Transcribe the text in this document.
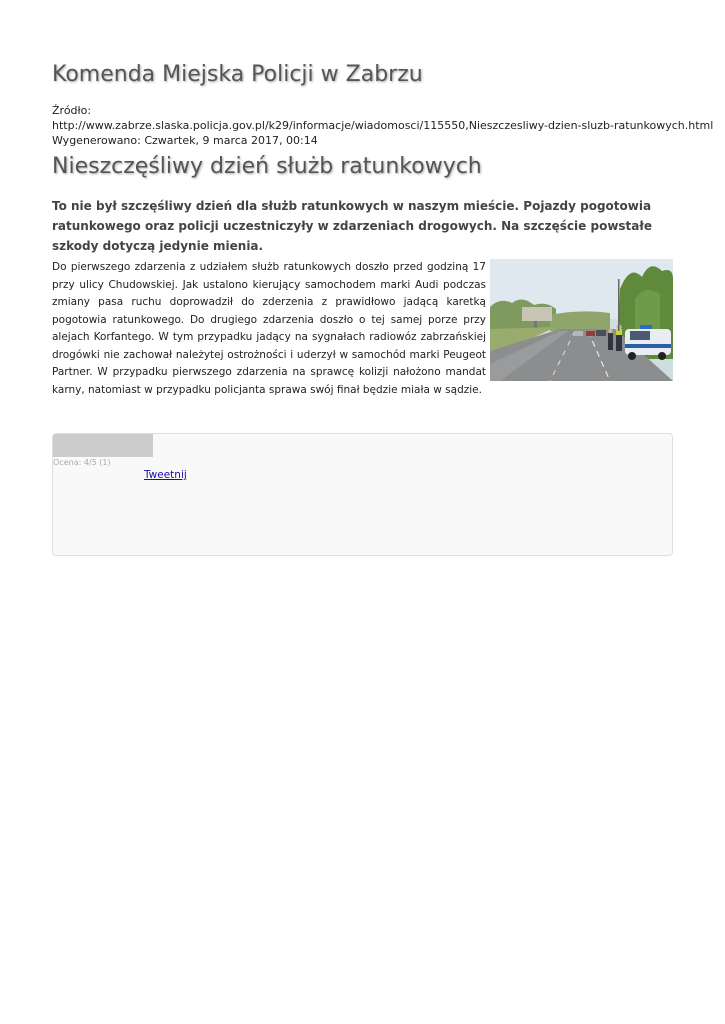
Komenda Miejska Policji w Zabrzu
Źródło:
http://www.zabrze.slaska.policja.gov.pl/k29/informacje/wiadomosci/115550,Nieszczesliwy-dzien-sluzb-ratunkowych.html
Wygenerowano: Czwartek, 9 marca 2017, 00:14
Nieszczęśliwy dzień służb ratunkowych
To nie był szczęśliwy dzień dla służb ratunkowych w naszym mieście. Pojazdy pogotowia ratunkowego oraz policji uczestniczyły w zdarzeniach drogowych. Na szczęście powstałe szkody dotyczą jedynie mienia.

Do pierwszego zdarzenia z udziałem służb ratunkowych doszło przed godziną 17 przy ulicy Chudowskiej. Jak ustalono kierujący samochodem marki Audi podczas zmiany pasa ruchu doprowadził do zderzenia z prawidłowo jadącą karetką pogotowia ratunkowego. Do drugiego zdarzenia doszło o tej samej porze przy alejach Korfantego. W tym przypadku jadący na sygnałach radiowóz zabrzańskiej drogówki nie zachował należytej ostrożności i uderzył w samochód marki Peugeot Partner. W przypadku pierwszego zdarzenia na sprawcę kolizji nałożono mandat karny, natomiast w przypadku policjanta sprawa swój finał będzie miała w sądzie.

Ocena: 4/5 (1)
Tweetnij
